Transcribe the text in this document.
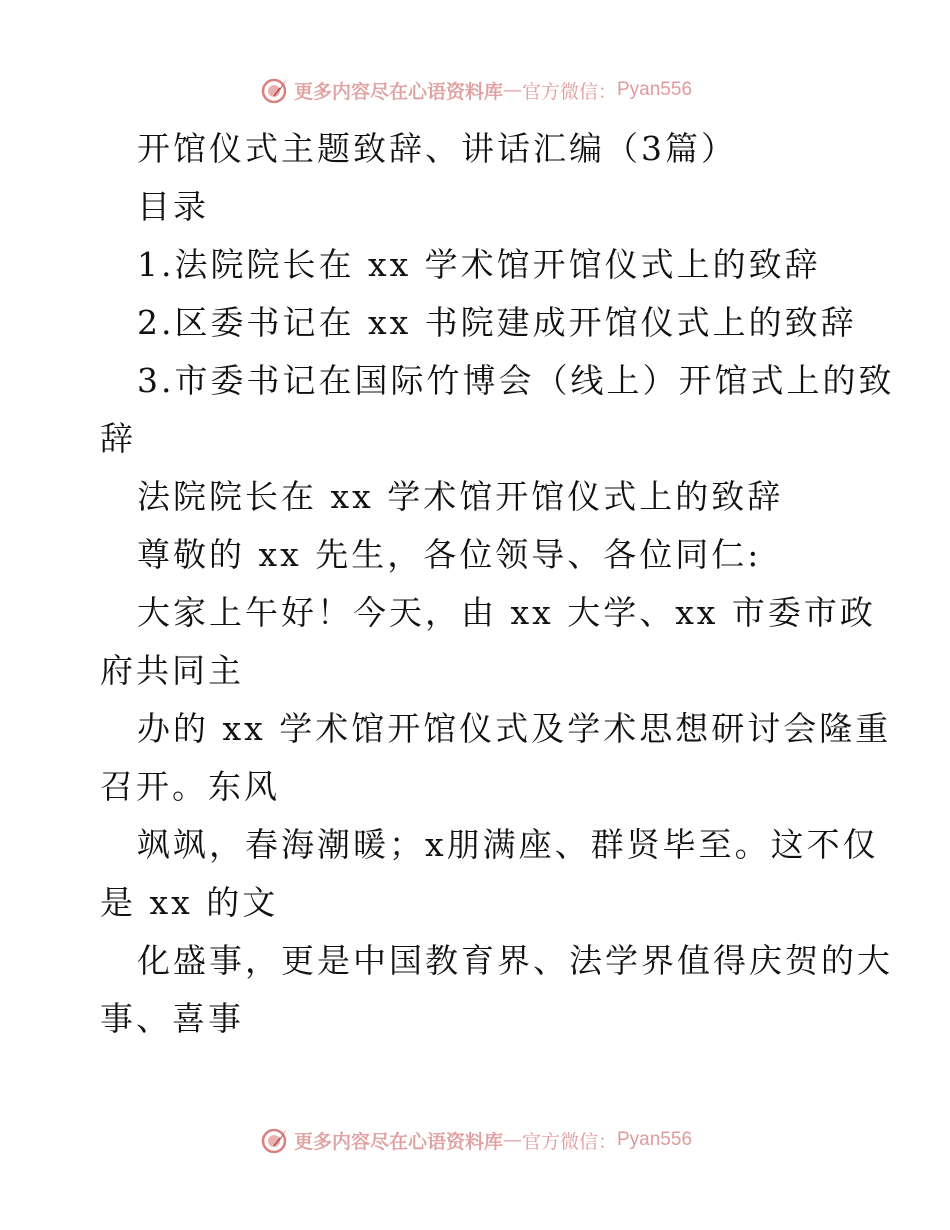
更多内容尽在心语资料库 — 官方微信： Pyan556
开馆仪式主题致辞、讲话汇编（3篇）
目录
1.法院院长在 xx 学术馆开馆仪式上的致辞
2.区委书记在 xx 书院建成开馆仪式上的致辞
3.市委书记在国际竹博会（线上）开馆式上的致
辞
法院院长在 xx 学术馆开馆仪式上的致辞
尊敬的 xx 先生，各位领导、各位同仁:
大家上午好！今天，由 xx 大学、xx 市委市政
府共同主
办的 xx 学术馆开馆仪式及学术思想研讨会隆重
召开。东风
飒飒，春海潮暖；x朋满座、群贤毕至。这不仅
是 xx 的文
化盛事，更是中国教育界、法学界值得庆贺的大
事、喜事
更多内容尽在心语资料库 — 官方微信： Pyan556
